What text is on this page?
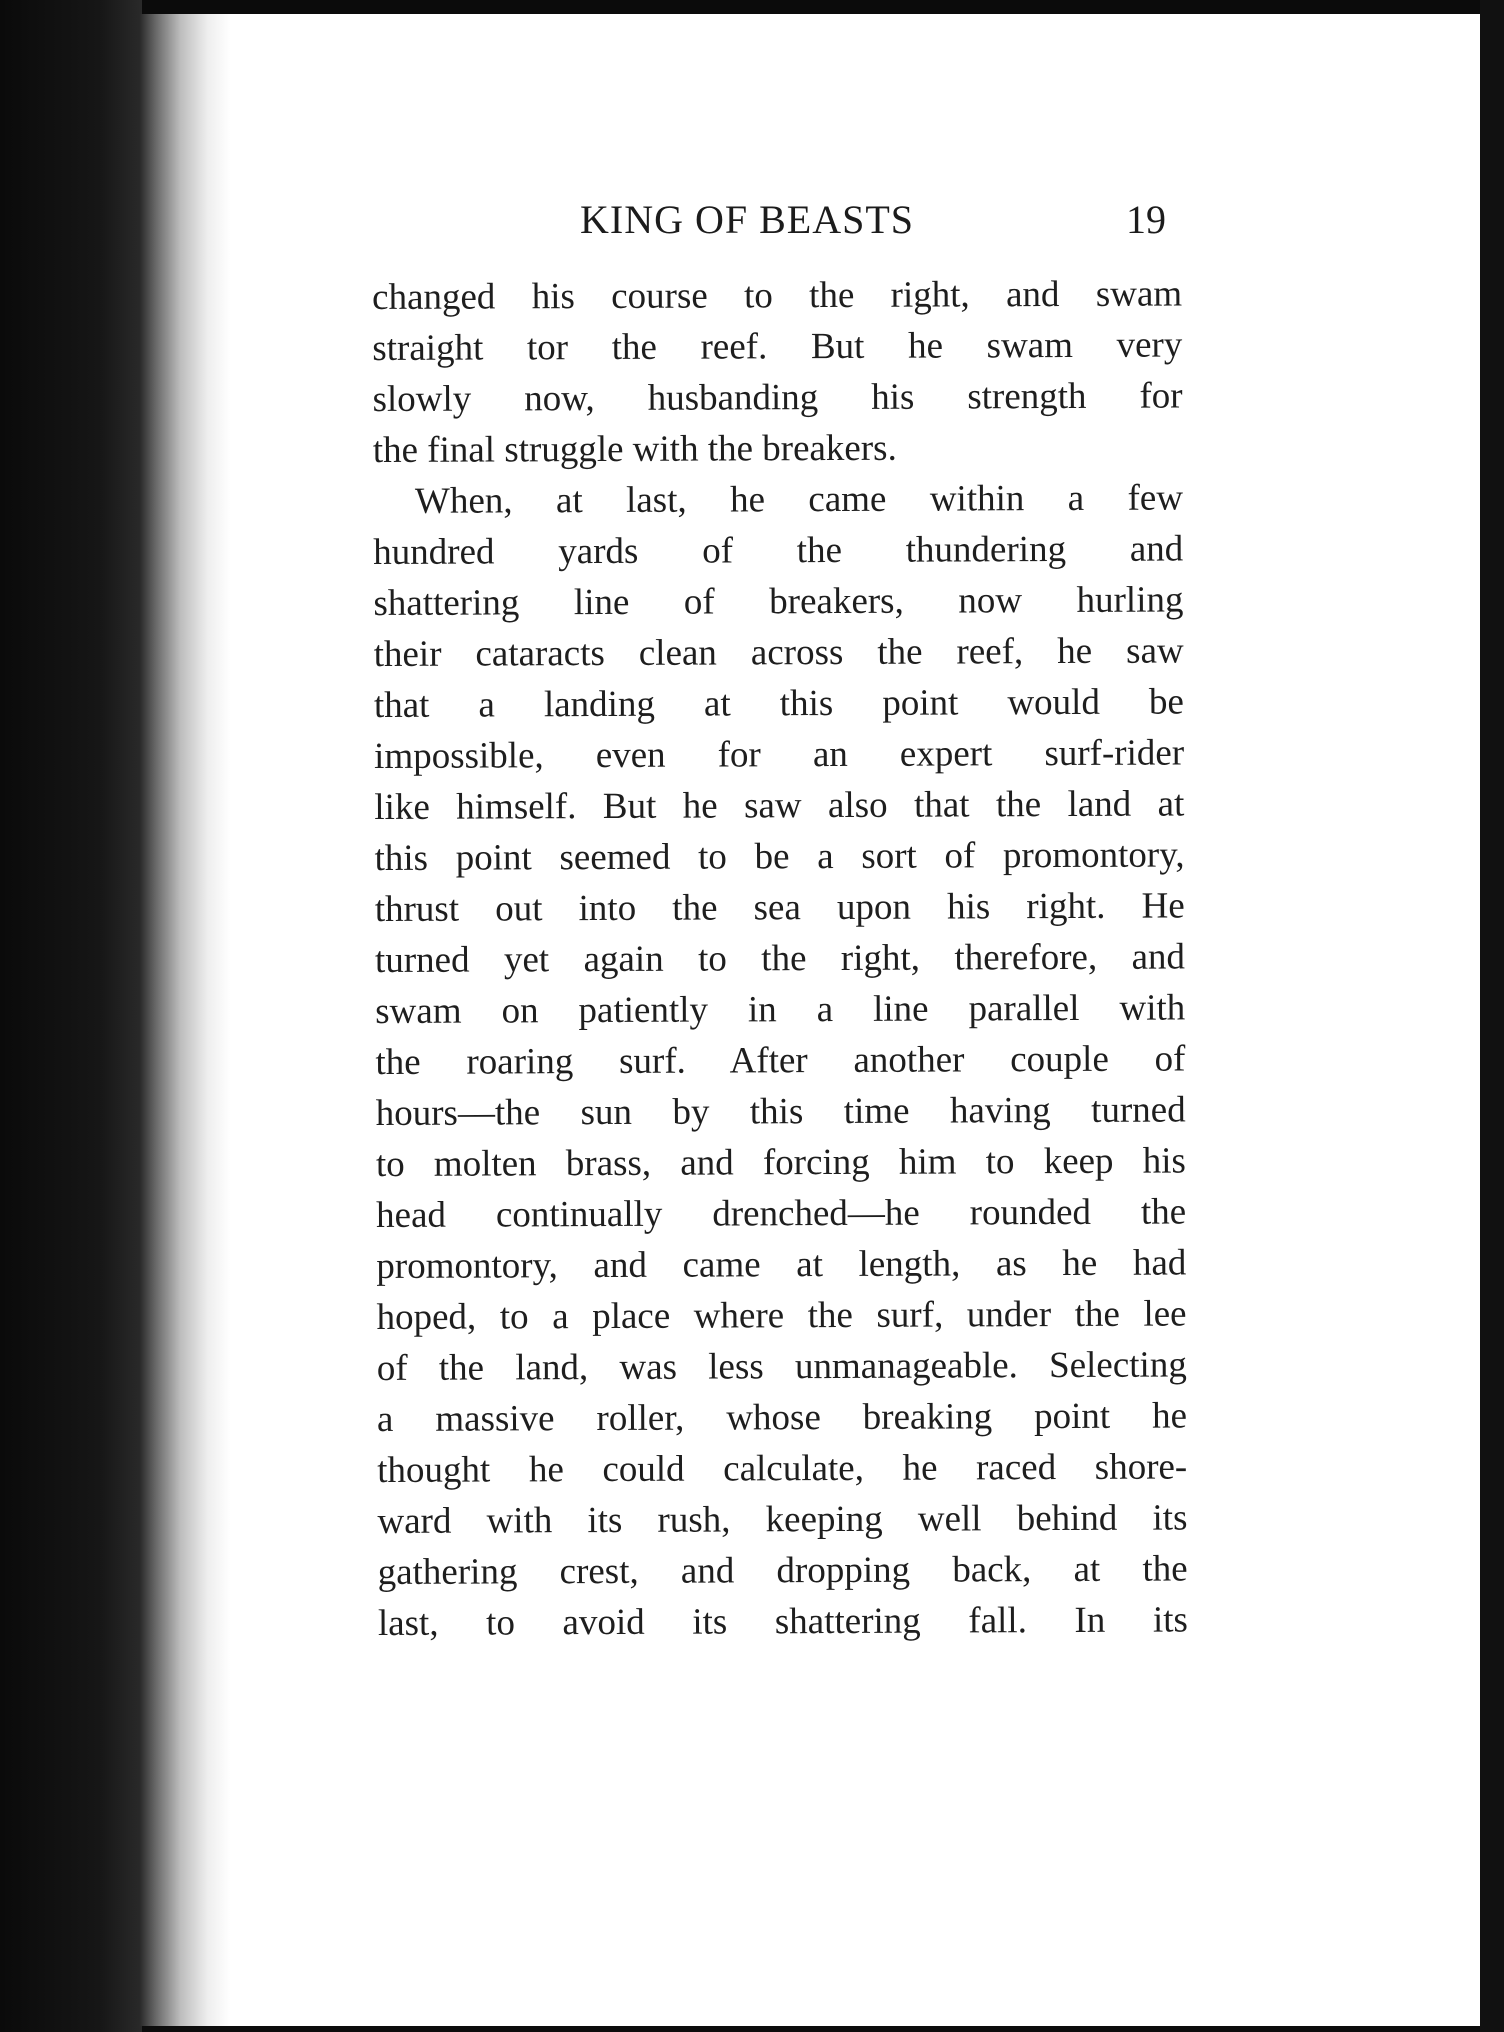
KING OF BEASTS	19
changed his course to the right, and swam
straight tor the reef. But he swam very
slowly now, husbanding his strength for
the final struggle with the breakers.
When, at last, he came within a few
hundred yards of the thundering and
shattering line of breakers, now hurling
their cataracts clean across the reef, he saw
that a landing at this point would be
impossible, even for an expert surf-rider
like himself. But he saw also that the land at
this point seemed to be a sort of promontory,
thrust out into the sea upon his right. He
turned yet again to the right, therefore, and
swam on patiently in a line parallel with
the roaring surf. After another couple of
hours—the sun by this time having turned
to molten brass, and forcing him to keep his
head continually drenched—he rounded the
promontory, and came at length, as he had
hoped, to a place where the surf, under the lee
of the land, was less unmanageable. Selecting
a massive roller, whose breaking point he
thought he could calculate, he raced shore-
ward with its rush, keeping well behind its
gathering crest, and dropping back, at the
last, to avoid its shattering fall. In its
